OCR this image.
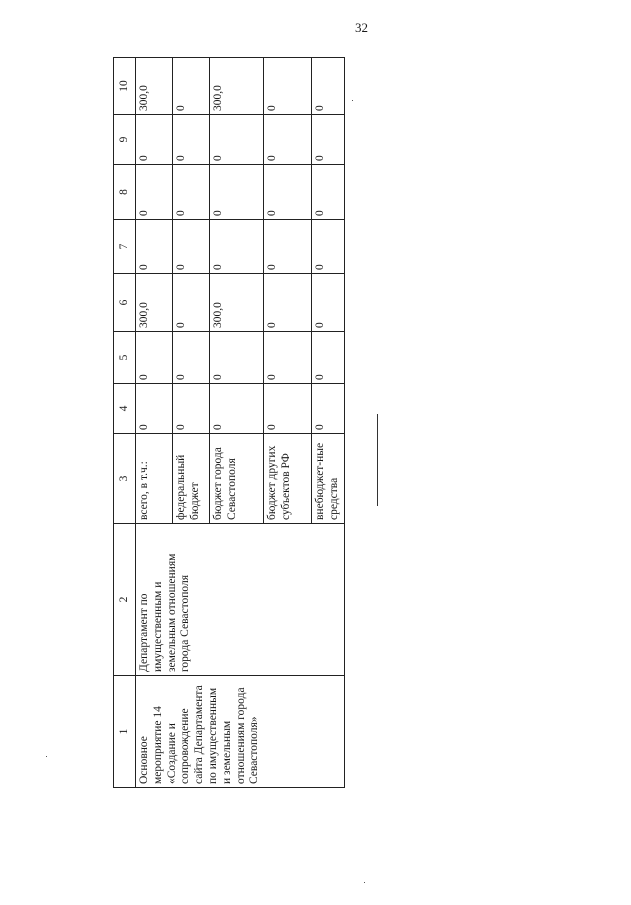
32
1	2	3	4	5	6	7	8	9	10
Основное мероприятие 14 «Создание и сопровождение сайта Департамента по имущественным и земельным отношениям города Севастополя»	Департамент по имущественным и земельным отношениям города Севастополя	всего, в т.ч.:	0	0	300,0	0	0	0	300,0
		федеральный бюджет	0	0	0	0	0	0	0
		бюджет города Севастополя	0	0	300,0	0	0	0	300,0
		бюджет других субъектов РФ	0	0	0	0	0	0	0
		внебюджет-ные средства	0	0	0	0	0	0	0
